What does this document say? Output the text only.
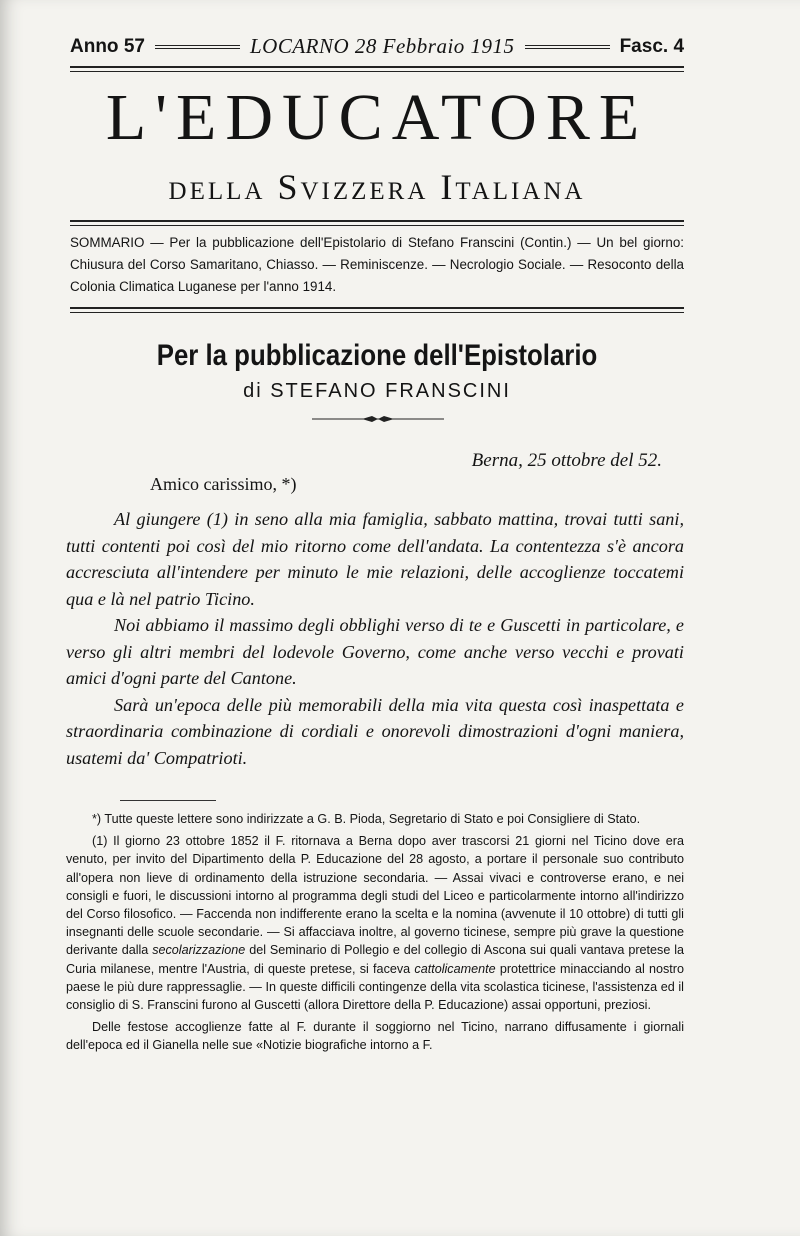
Anno 57	LOCARNO 28 Febbraio 1915	Fasc. 4
L'EDUCATORE
della Svizzera Italiana
SOMMARIO — Per la pubblicazione dell'Epistolario di Stefano Franscini (Contin.) — Un bel giorno: Chiusura del Corso Samaritano, Chiasso. — Reminiscenze. — Necrologio Sociale. — Resoconto della Colonia Climatica Luganese per l'anno 1914.
Per la pubblicazione dell'Epistolario
di STEFANO FRANSCINI
Berna, 25 ottobre del 52.
Amico carissimo, *)

Al giungere (1) in seno alla mia famiglia, sabbato mattina, trovai tutti sani, tutti contenti poi così del mio ritorno come dell'andata. La contentezza s'è ancora accresciuta all'intendere per minuto le mie relazioni, delle accoglienze toccatemi qua e là nel patrio Ticino.

Noi abbiamo il massimo degli obblighi verso di te e Guscetti in particolare, e verso gli altri membri del lodevole Governo, come anche verso vecchi e provati amici d'ogni parte del Cantone.

Sarà un'epoca delle più memorabili della mia vita questa così inaspettata e straordinaria combinazione di cordiali e onorevoli dimostrazioni d'ogni maniera, usatemi da' Compatrioti.

*) Tutte queste lettere sono indirizzate a G. B. Pioda, Segretario di Stato e poi Consigliere di Stato.

(1) Il giorno 23 ottobre 1852 il F. ritornava a Berna dopo aver trascorsi 21 giorni nel Ticino dove era venuto, per invito del Dipartimento della P. Educazione del 28 agosto, a portare il personale suo contributo all'opera non lieve di ordinamento della istruzione secondaria. — Assai vivaci e controverse erano, e nei consigli e fuori, le discussioni intorno al programma degli studi del Liceo e particolarmente intorno all'indirizzo del Corso filosofico. — Faccenda non indifferente erano la scelta e la nomina (avvenute il 10 ottobre) di tutti gli insegnanti delle scuole secondarie. — Si affacciava inoltre, al governo ticinese, sempre più grave la questione derivante dalla secolarizzazione del Seminario di Pollegio e del collegio di Ascona sui quali vantava pretese la Curia milanese, mentre l'Austria, di queste pretese, si faceva cattolicamente protettrice minacciando al nostro paese le più dure rappressaglie. — In queste difficili contingenze della vita scolastica ticinese, l'assistenza ed il consiglio di S. Franscini furono al Guscetti (allora Direttore della P. Educazione) assai opportuni, preziosi.

Delle festose accoglienze fatte al F. durante il soggiorno nel Ticino, narrano diffusamente i giornali dell'epoca ed il Gianella nelle sue «Notizie biografiche intorno a F.
